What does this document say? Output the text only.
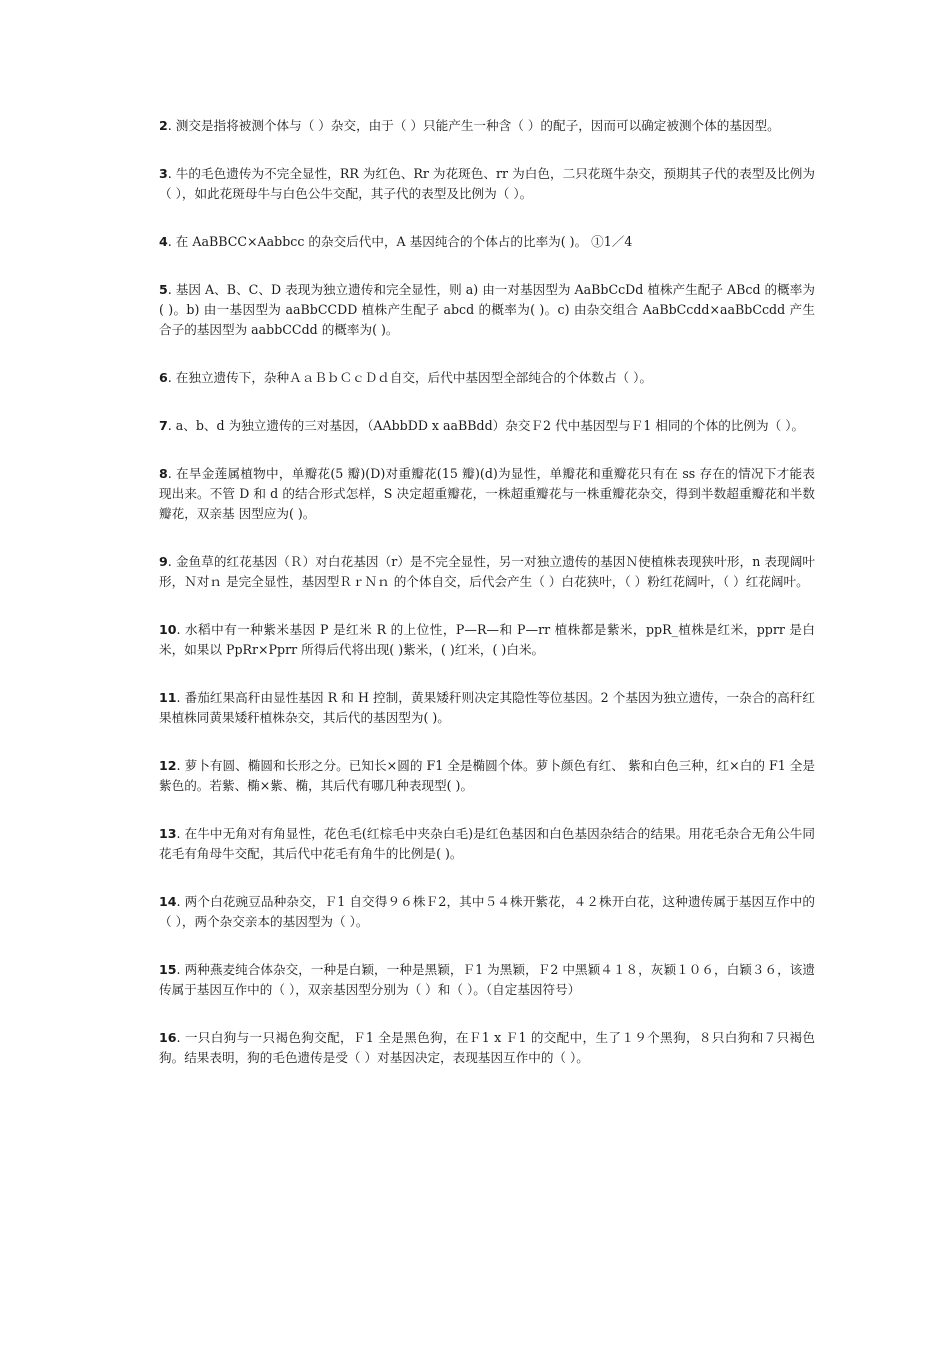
2. 测交是指将被测个体与（ ）杂交，由于（ ）只能产生一种含（ ）的配子，因而可以确定被测个体的基因型。

3. 牛的毛色遗传为不完全显性，RR 为红色、Rr 为花斑色、rr 为白色，二只花斑牛杂交，预期其子代的表型及比例为（ ），如此花斑母牛与白色公牛交配，其子代的表型及比例为（ ）。

4. 在 AaBBCC×Aabbcc 的杂交后代中，A 基因纯合的个体占的比率为( )。 ①1／4

5. 基因 A、B、C、D 表现为独立遗传和完全显性，则 a) 由一对基因型为 AaBbCcDd 植株产生配子 ABcd 的概率为( )。b) 由一基因型为 aaBbCCDD 植株产生配子 abcd 的概率为( )。c) 由杂交组合 AaBbCcdd×aaBbCcdd 产生合子的基因型为 aabbCCdd 的概率为( )。

6. 在独立遗传下，杂种ＡａＢｂＣｃＤｄ自交，后代中基因型全部纯合的个体数占（ ）。

7. a、b、d 为独立遗传的三对基因，（AAbbDD x aaBBdd）杂交Ｆ2 代中基因型与Ｆ1 相同的个体的比例为（ ）。

8. 在旱金莲属植物中，单瓣花(5 瓣)(D)对重瓣花(15 瓣)(d)为显性，单瓣花和重瓣花只有在 ss 存在的情况下才能表现出来。不管 D 和 d 的结合形式怎样，S 决定超重瓣花，一株超重瓣花与一株重瓣花杂交，得到半数超重瓣花和半数瓣花，双亲基 因型应为( )。

9. 金鱼草的红花基因（Ｒ）对白花基因（r）是不完全显性，另一对独立遗传的基因Ｎ使植株表现狭叶形，n 表现阔叶形，Ｎ对ｎ 是完全显性，基因型ＲｒＮｎ 的个体自交，后代会产生（ ）白花狭叶，（ ）粉红花阔叶，（ ）红花阔叶。

10. 水稻中有一种紫米基因 P 是红米 R 的上位性，P—R—和 P—rr 植株都是紫米，ppR_植株是红米，pprr 是白米，如果以 PpRr×Pprr 所得后代将出现( )紫米，( )红米，( )白米。

11. 番茄红果高秆由显性基因 R 和 H 控制，黄果矮秆则决定其隐性等位基因。2 个基因为独立遗传，一杂合的高秆红果植株同黄果矮秆植株杂交，其后代的基因型为( )。

12. 萝卜有圆、椭圆和长形之分。已知长×圆的 F1 全是椭圆个体。萝卜颜色有红、 紫和白色三种，红×白的 F1 全是紫色的。若紫、椭×紫、椭，其后代有哪几种表现型( )。

13. 在牛中无角对有角显性，花色毛(红棕毛中夹杂白毛)是红色基因和白色基因杂结合的结果。用花毛杂合无角公牛同花毛有角母牛交配，其后代中花毛有角牛的比例是( )。

14. 两个白花豌豆品种杂交，Ｆ1 自交得９６株Ｆ2，其中５４株开紫花，４２株开白花，这种遗传属于基因互作中的（ ），两个杂交亲本的基因型为（ ）。

15. 两种燕麦纯合体杂交，一种是白颖，一种是黑颖，Ｆ1 为黑颖，Ｆ2 中黑颖４１８，灰颖１０６，白颖３６，该遗传属于基因互作中的（ ），双亲基因型分别为（ ）和（ ）。（自定基因符号）

16. 一只白狗与一只褐色狗交配，Ｆ1 全是黑色狗，在Ｆ1 x Ｆ1 的交配中，生了１９个黑狗，８只白狗和７只褐色狗。结果表明，狗的毛色遗传是受（ ）对基因决定，表现基因互作中的（ ）。
